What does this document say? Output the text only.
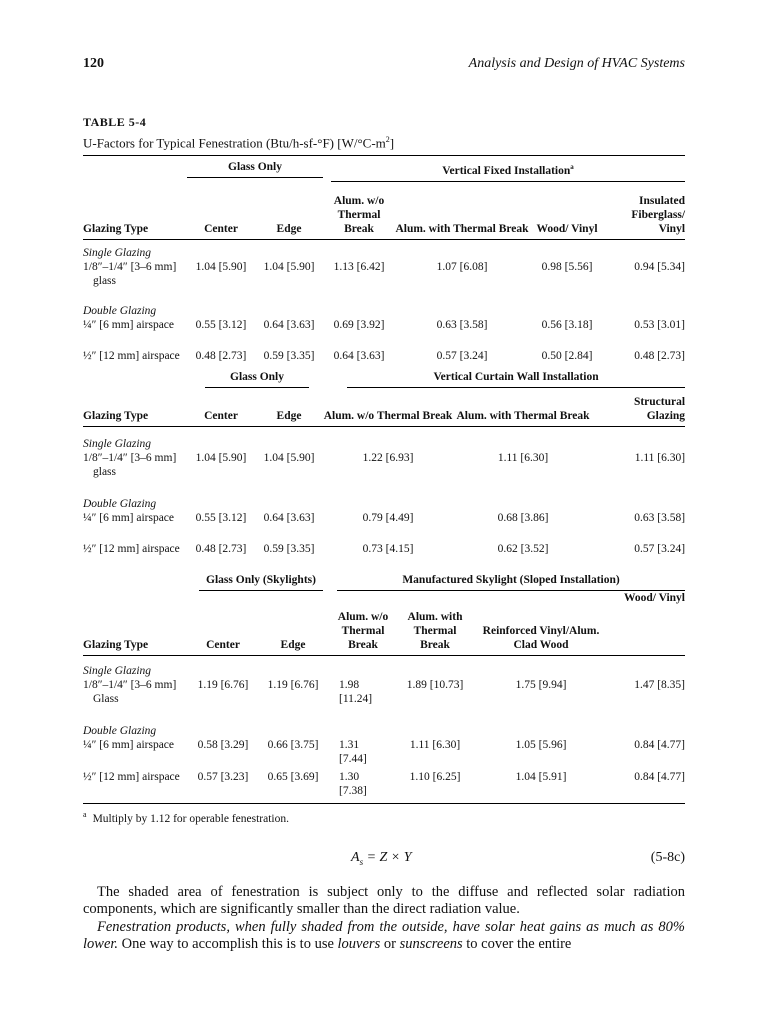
120	Analysis and Design of HVAC Systems
TABLE 5-4
U-Factors for Typical Fenestration (Btu/h-sf-°F) $[W/^\circ C-m^2]$

	Glass Only		Vertical Fixed Installation$^a$

Glazing Type	Center	Edge	Alum. w/o Thermal Break	Alum. with Thermal Break	Wood/ Vinyl	Insulated Fiberglass/ Vinyl
Single Glazing						

1/8″–1/4″ [3–6 mm] glass	1.04 [5.90]	1.04 [5.90]	1.13 [6.42]	1.07 [6.08]	0.98 [5.56]	0.94 [5.34]
Double Glazing						

¼″ [6 mm] airspace	0.55 [3.12]	0.64 [3.63]	0.69 [3.92]	0.63 [3.58]	0.56 [3.18]	0.53 [3.01]

½″ [12 mm] airspace	0.48 [2.73]	0.59 [3.35]	0.64 [3.63]	0.57 [3.24]	0.50 [2.84]	0.48 [2.73]

	Glass Only		Vertical Curtain Wall Installation		

Glazing Type	Center	Edge	Alum. w/o Thermal Break	Alum. with Thermal Break	Structural Glazing
Single Glazing					

1/8″–1/4″ [3–6 mm] glass	1.04 [5.90]	1.04 [5.90]	1.22 [6.93]	1.11 [6.30]	1.11 [6.30]
Double Glazing					

¼″ [6 mm] airspace	0.55 [3.12]	0.64 [3.63]	0.79 [4.49]	0.68 [3.86]	0.63 [3.58]

½″ [12 mm] airspace	0.48 [2.73]	0.59 [3.35]	0.73 [4.15]	0.62 [3.52]	0.57 [3.24]

	Glass Only (Skylights)		Manufactured Skylight (Sloped Installation)			

Glazing Type	Center	Edge	Alum. w/o Thermal Break	Alum. with Thermal Break	Reinforced Vinyl/Alum. Clad Wood	Wood/ Vinyl
Single Glazing						

1/8″–1/4″ [3–6 mm] Glass	1.19 [6.76]	1.19 [6.76]	1.98 [11.24]	1.89 [10.73]	1.75 [9.94]	1.47 [8.35]
Double Glazing						

¼″ [6 mm] airspace	0.58 [3.29]	0.66 [3.75]	1.31 [7.44]	1.11 [6.30]	1.05 [5.96]	0.84 [4.77]

½″ [12 mm] airspace	0.57 [3.23]	0.65 [3.69]	1.30 [7.38]	1.10 [6.25]	1.04 [5.91]	0.84 [4.77]
$^a$ Multiply by 1.12 for operable fenestration.
$A_s = Z \times Y$	(5-8c)
The shaded area of fenestration is subject only to the diffuse and reflected solar radiation components, which are significantly smaller than the direct radiation value.
Fenestration products, when fully shaded from the outside, have solar heat gains as much as 80% lower. One way to accomplish this is to use louvers or sunscreens to cover the entire
